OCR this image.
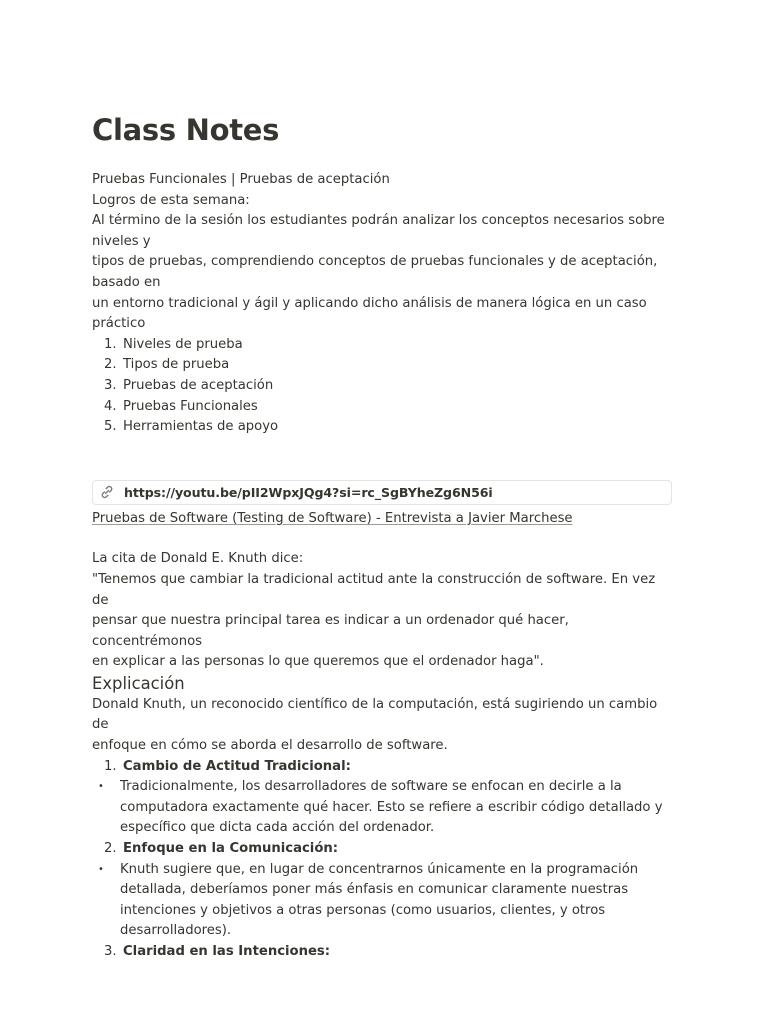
Class Notes

Pruebas Funcionales | Pruebas de aceptación

Logros de esta semana:

Al término de la sesión los estudiantes podrán analizar los conceptos necesarios sobre

niveles y

tipos de pruebas, comprendiendo conceptos de pruebas funcionales y de aceptación,

basado en

un entorno tradicional y ágil y aplicando dicho análisis de manera lógica en un caso

práctico

1. Niveles de prueba
2. Tipos de prueba
3. Pruebas de aceptación
4. Pruebas Funcionales
5. Herramientas de apoyo
https://youtu.be/pII2WpxJQg4?si=rc_SgBYheZg6N56i
Pruebas de Software (Testing de Software) - Entrevista a Javier Marchese

La cita de Donald E. Knuth dice:

"Tenemos que cambiar la tradicional actitud ante la construcción de software. En vez de

pensar que nuestra principal tarea es indicar a un ordenador qué hacer, concentrémonos

en explicar a las personas lo que queremos que el ordenador haga".

Explicación

Donald Knuth, un reconocido científico de la computación, está sugiriendo un cambio de

enfoque en cómo se aborda el desarrollo de software.

1. Cambio de Actitud Tradicional:
• Tradicionalmente, los desarrolladores de software se enfocan en decirle a la
computadora exactamente qué hacer. Esto se refiere a escribir código detallado y
específico que dicta cada acción del ordenador.
2. Enfoque en la Comunicación:
• Knuth sugiere que, en lugar de concentrarnos únicamente en la programación
detallada, deberíamos poner más énfasis en comunicar claramente nuestras
intenciones y objetivos a otras personas (como usuarios, clientes, y otros
desarrolladores).
3. Claridad en las Intenciones:
